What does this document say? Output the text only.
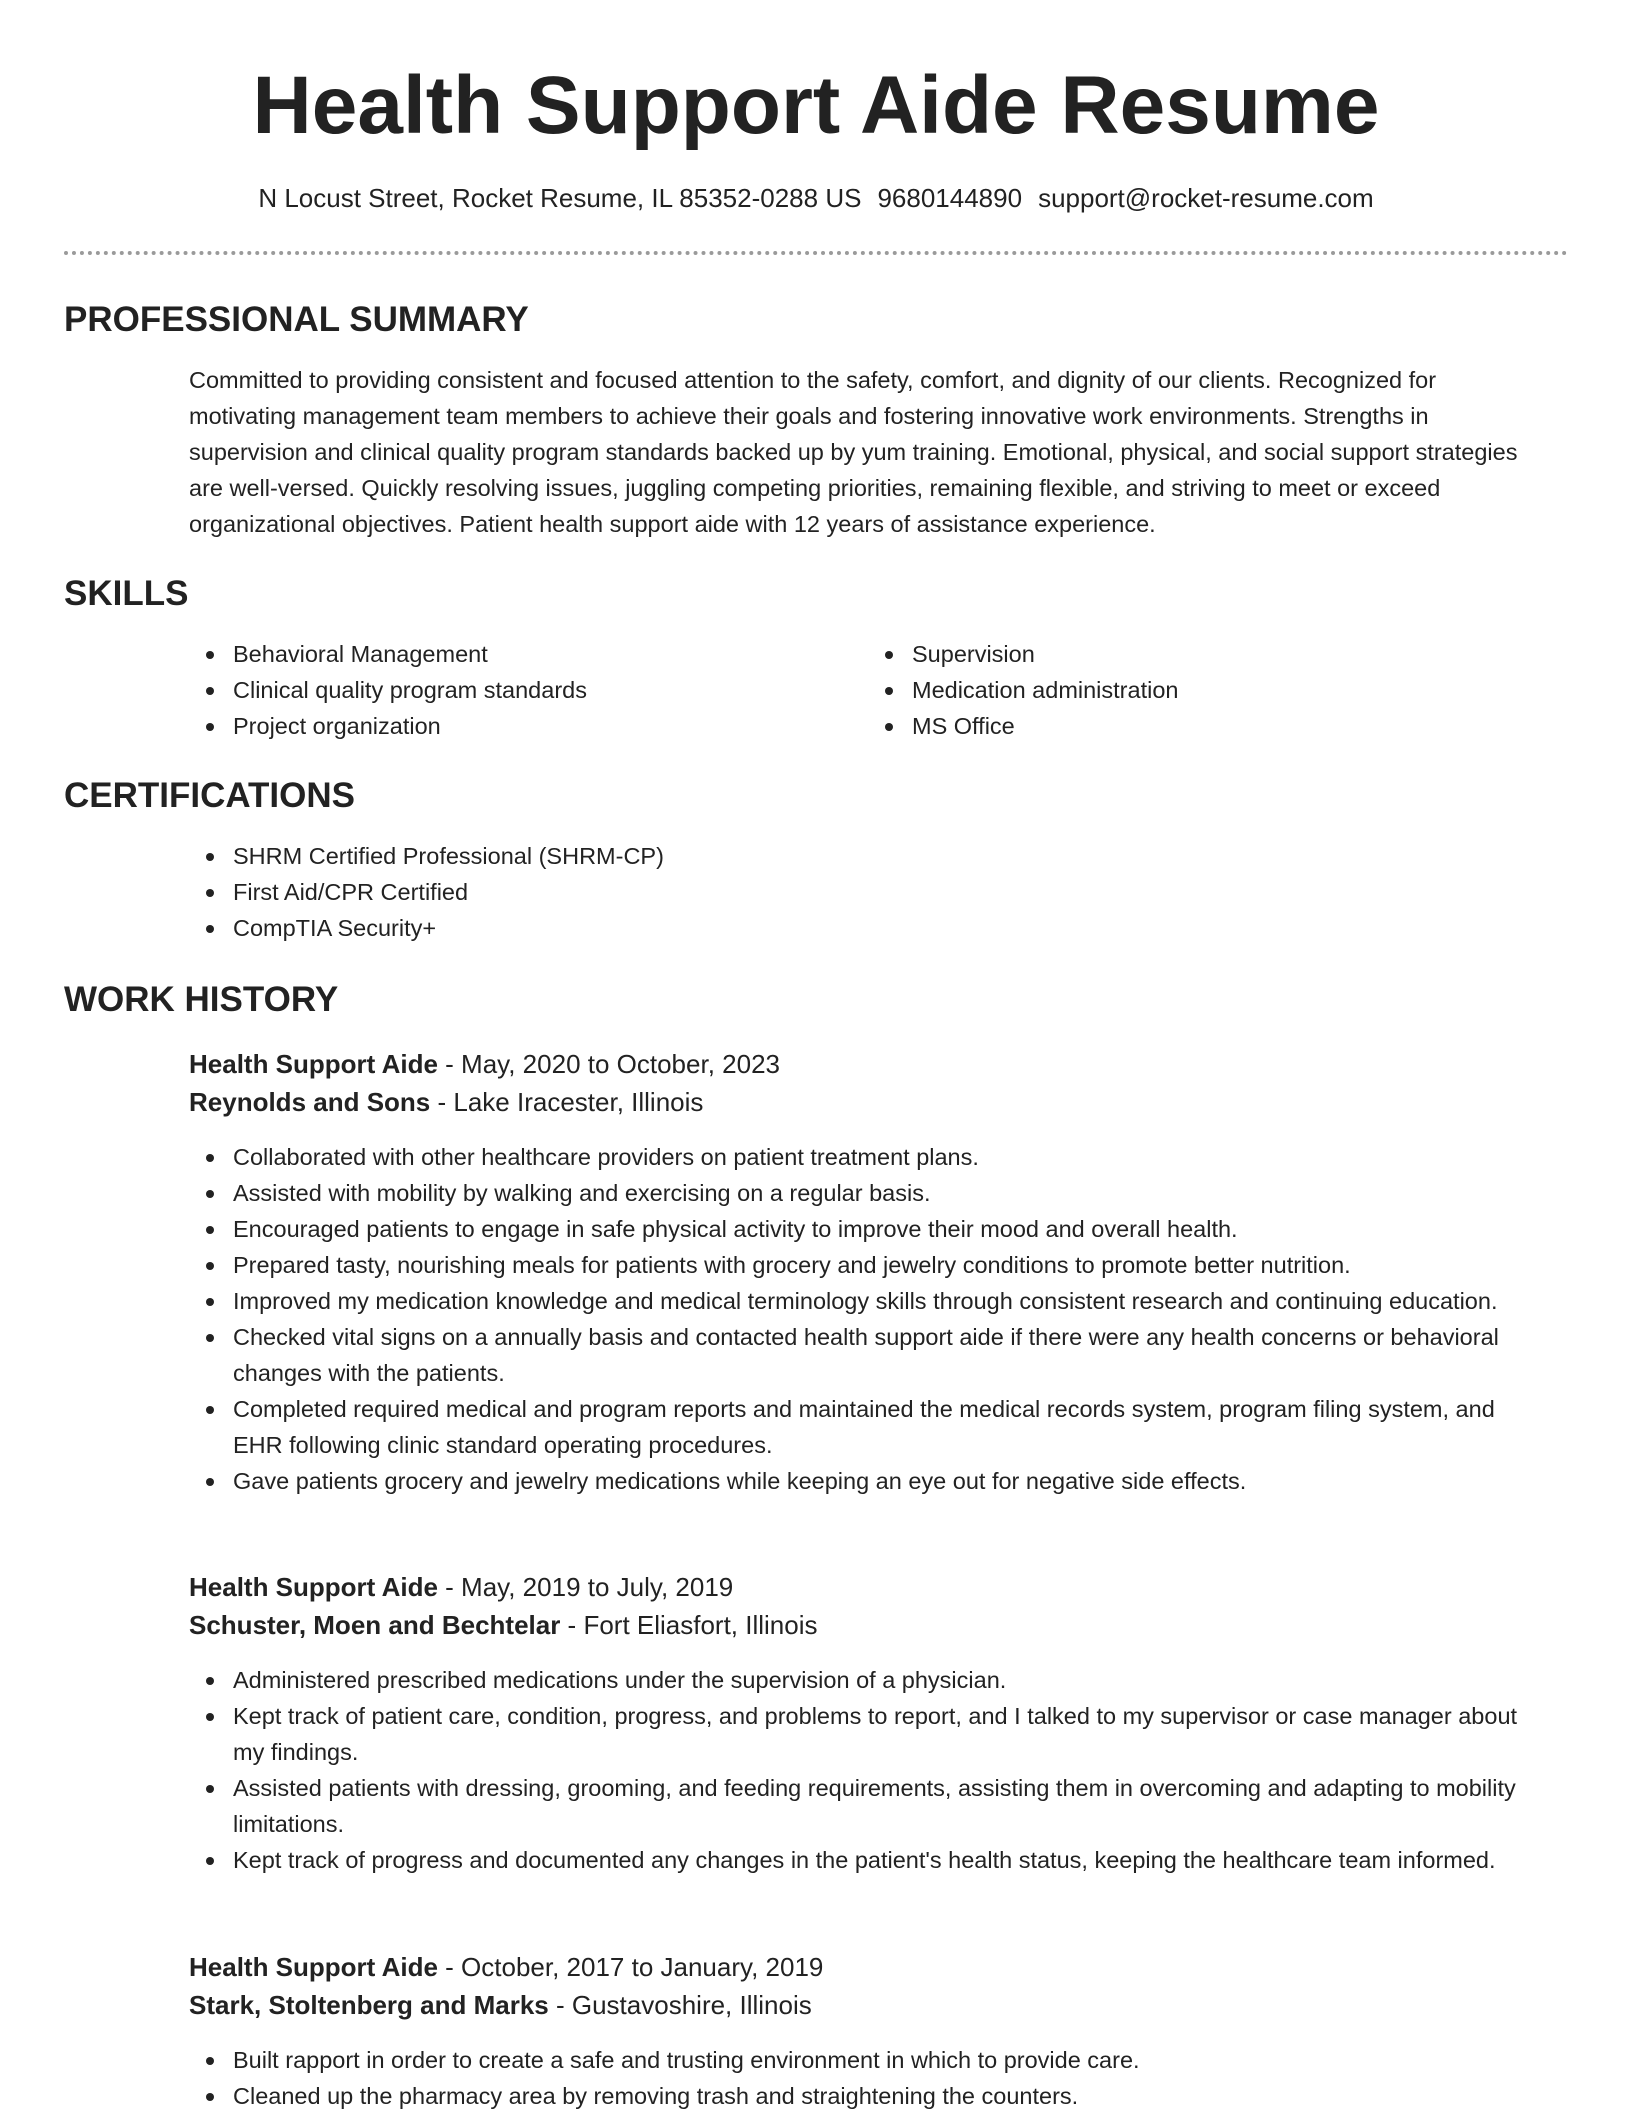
Health Support Aide Resume
N Locust Street, Rocket Resume, IL 85352-0288 US 9680144890 support@rocket-resume.com
PROFESSIONAL SUMMARY

Committed to providing consistent and focused attention to the safety, comfort, and dignity of our clients. Recognized for motivating management team members to achieve their goals and fostering innovative work environments. Strengths in supervision and clinical quality program standards backed up by yum training. Emotional, physical, and social support strategies are well-versed. Quickly resolving issues, juggling competing priorities, remaining flexible, and striving to meet or exceed organizational objectives. Patient health support aide with 12 years of assistance experience.

SKILLS
Behavioral Management
Clinical quality program standards
Project organization
Supervision
Medication administration
MS Office
CERTIFICATIONS
SHRM Certified Professional (SHRM-CP)
First Aid/CPR Certified
CompTIA Security+
WORK HISTORY
Health Support Aide - May, 2020 to October, 2023
Reynolds and Sons - Lake Iracester, Illinois
Collaborated with other healthcare providers on patient treatment plans.
Assisted with mobility by walking and exercising on a regular basis.
Encouraged patients to engage in safe physical activity to improve their mood and overall health.
Prepared tasty, nourishing meals for patients with grocery and jewelry conditions to promote better nutrition.
Improved my medication knowledge and medical terminology skills through consistent research and continuing education.
Checked vital signs on a annually basis and contacted health support aide if there were any health concerns or behavioral changes with the patients.
Completed required medical and program reports and maintained the medical records system, program filing system, and EHR following clinic standard operating procedures.
Gave patients grocery and jewelry medications while keeping an eye out for negative side effects.
Health Support Aide - May, 2019 to July, 2019
Schuster, Moen and Bechtelar - Fort Eliasfort, Illinois
Administered prescribed medications under the supervision of a physician.
Kept track of patient care, condition, progress, and problems to report, and I talked to my supervisor or case manager about my findings.
Assisted patients with dressing, grooming, and feeding requirements, assisting them in overcoming and adapting to mobility limitations.
Kept track of progress and documented any changes in the patient's health status, keeping the healthcare team informed.
Health Support Aide - October, 2017 to January, 2019
Stark, Stoltenberg and Marks - Gustavoshire, Illinois
Built rapport in order to create a safe and trusting environment in which to provide care.
Cleaned up the pharmacy area by removing trash and straightening the counters.
